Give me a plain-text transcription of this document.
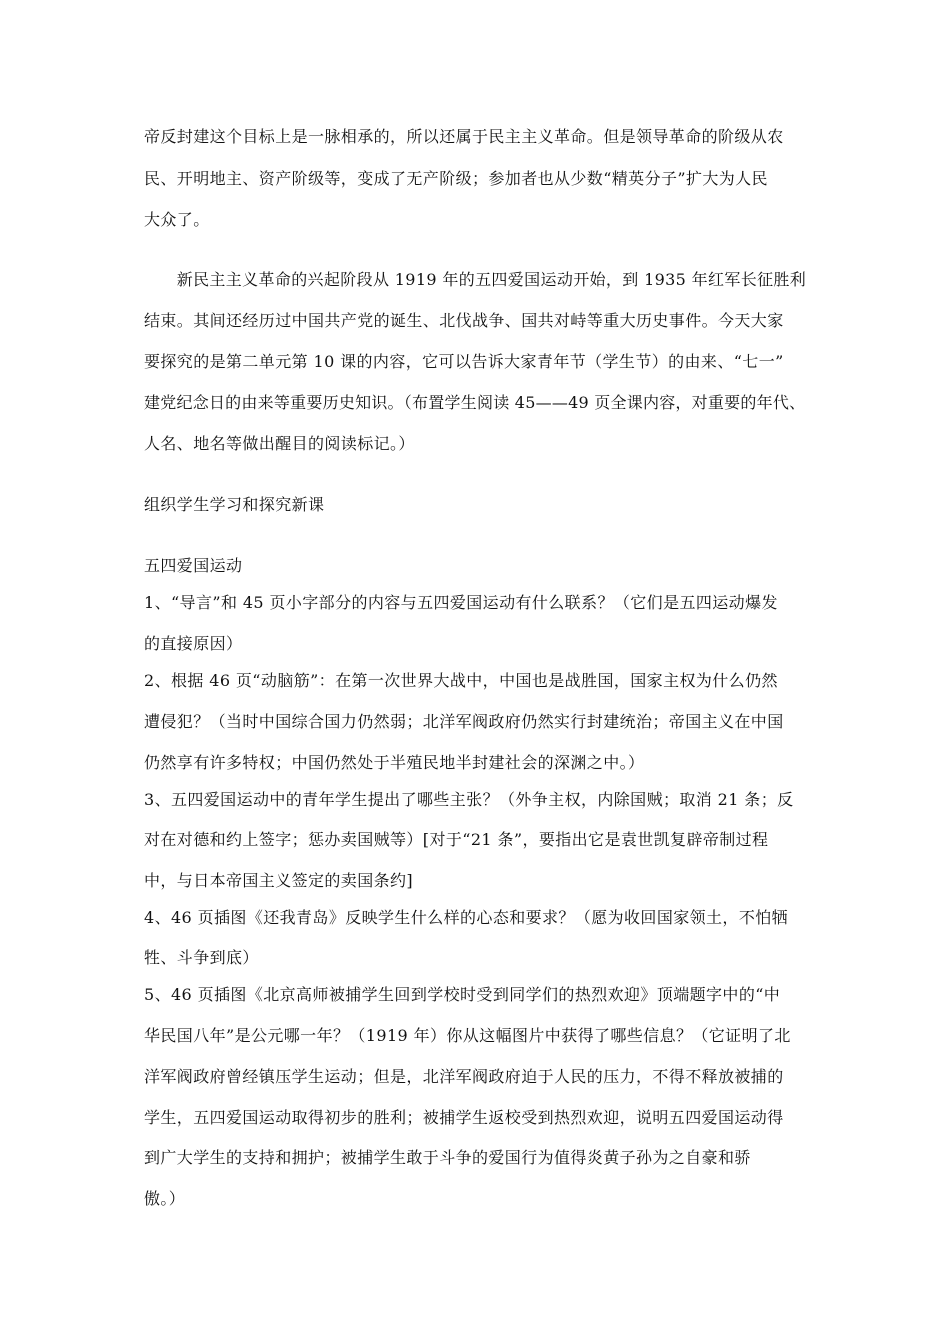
帝反封建这个目标上是一脉相承的，所以还属于民主主义革命。但是领导革命的阶级从农
民、开明地主、资产阶级等，变成了无产阶级；参加者也从少数“精英分子”扩大为人民
大众了。
　　新民主主义革命的兴起阶段从 1919 年的五四爱国运动开始，到 1935 年红军长征胜利
结束。其间还经历过中国共产党的诞生、北伐战争、国共对峙等重大历史事件。今天大家
要探究的是第二单元第 10 课的内容，它可以告诉大家青年节（学生节）的由来、“七一”
建党纪念日的由来等重要历史知识。（布置学生阅读 45——49 页全课内容，对重要的年代、
人名、地名等做出醒目的阅读标记。）
组织学生学习和探究新课
五四爱国运动
1、“导言”和 45 页小字部分的内容与五四爱国运动有什么联系？（它们是五四运动爆发
的直接原因）
2、根据 46 页“动脑筋”：在第一次世界大战中，中国也是战胜国，国家主权为什么仍然
遭侵犯？（当时中国综合国力仍然弱；北洋军阀政府仍然实行封建统治；帝国主义在中国
仍然享有许多特权；中国仍然处于半殖民地半封建社会的深渊之中。）
3、五四爱国运动中的青年学生提出了哪些主张？（外争主权，内除国贼；取消 21 条；反
对在对德和约上签字；惩办卖国贼等）[对于“21 条”，要指出它是袁世凯复辟帝制过程
中，与日本帝国主义签定的卖国条约]
4、46 页插图《还我青岛》反映学生什么样的心态和要求？（愿为收回国家领土，不怕牺
牲、斗争到底）
5、46 页插图《北京高师被捕学生回到学校时受到同学们的热烈欢迎》顶端题字中的“中
华民国八年”是公元哪一年？（1919 年）你从这幅图片中获得了哪些信息？（它证明了北
洋军阀政府曾经镇压学生运动；但是，北洋军阀政府迫于人民的压力，不得不释放被捕的
学生，五四爱国运动取得初步的胜利；被捕学生返校受到热烈欢迎，说明五四爱国运动得
到广大学生的支持和拥护；被捕学生敢于斗争的爱国行为值得炎黄子孙为之自豪和骄
傲。）
